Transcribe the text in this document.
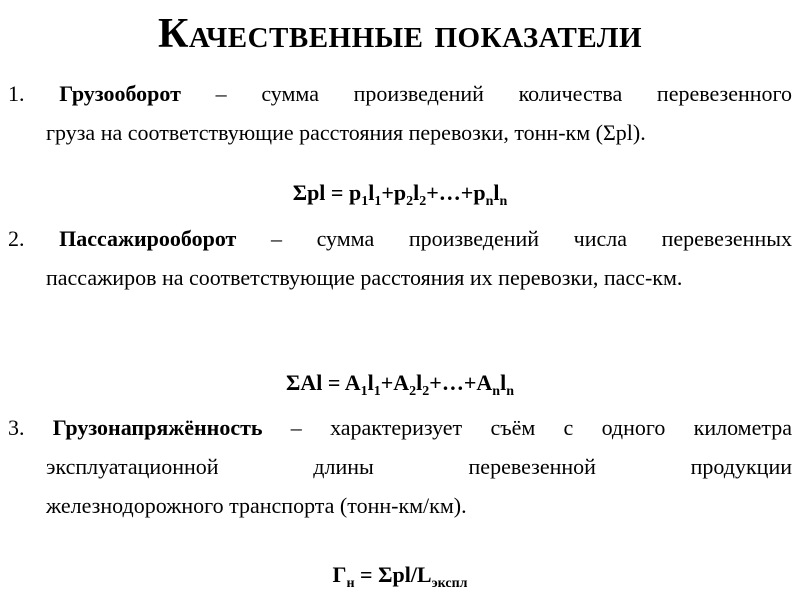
Качественные показатели
1. Грузооборот – сумма произведений количества перевезенного
груза на соответствующие расстояния перевозки, тонн-км (Σpl).
$\Sigma pl = p_1l_1+p_2l_2+\dots+p_nl_n$
2. Пассажирооборот – сумма произведений числа перевезенных
пассажиров на соответствующие расстояния их перевозки, пасс-км.
$\Sigma Al = A_1l_1+A_2l_2+\dots+A_nl_n$
3. Грузонапряжённость – характеризует съём с одного километра
эксплуатационной длины перевезенной продукции
железнодорожного транспорта (тонн-км/км).
$Г_н = \Sigma pl/L_{экспл}$
